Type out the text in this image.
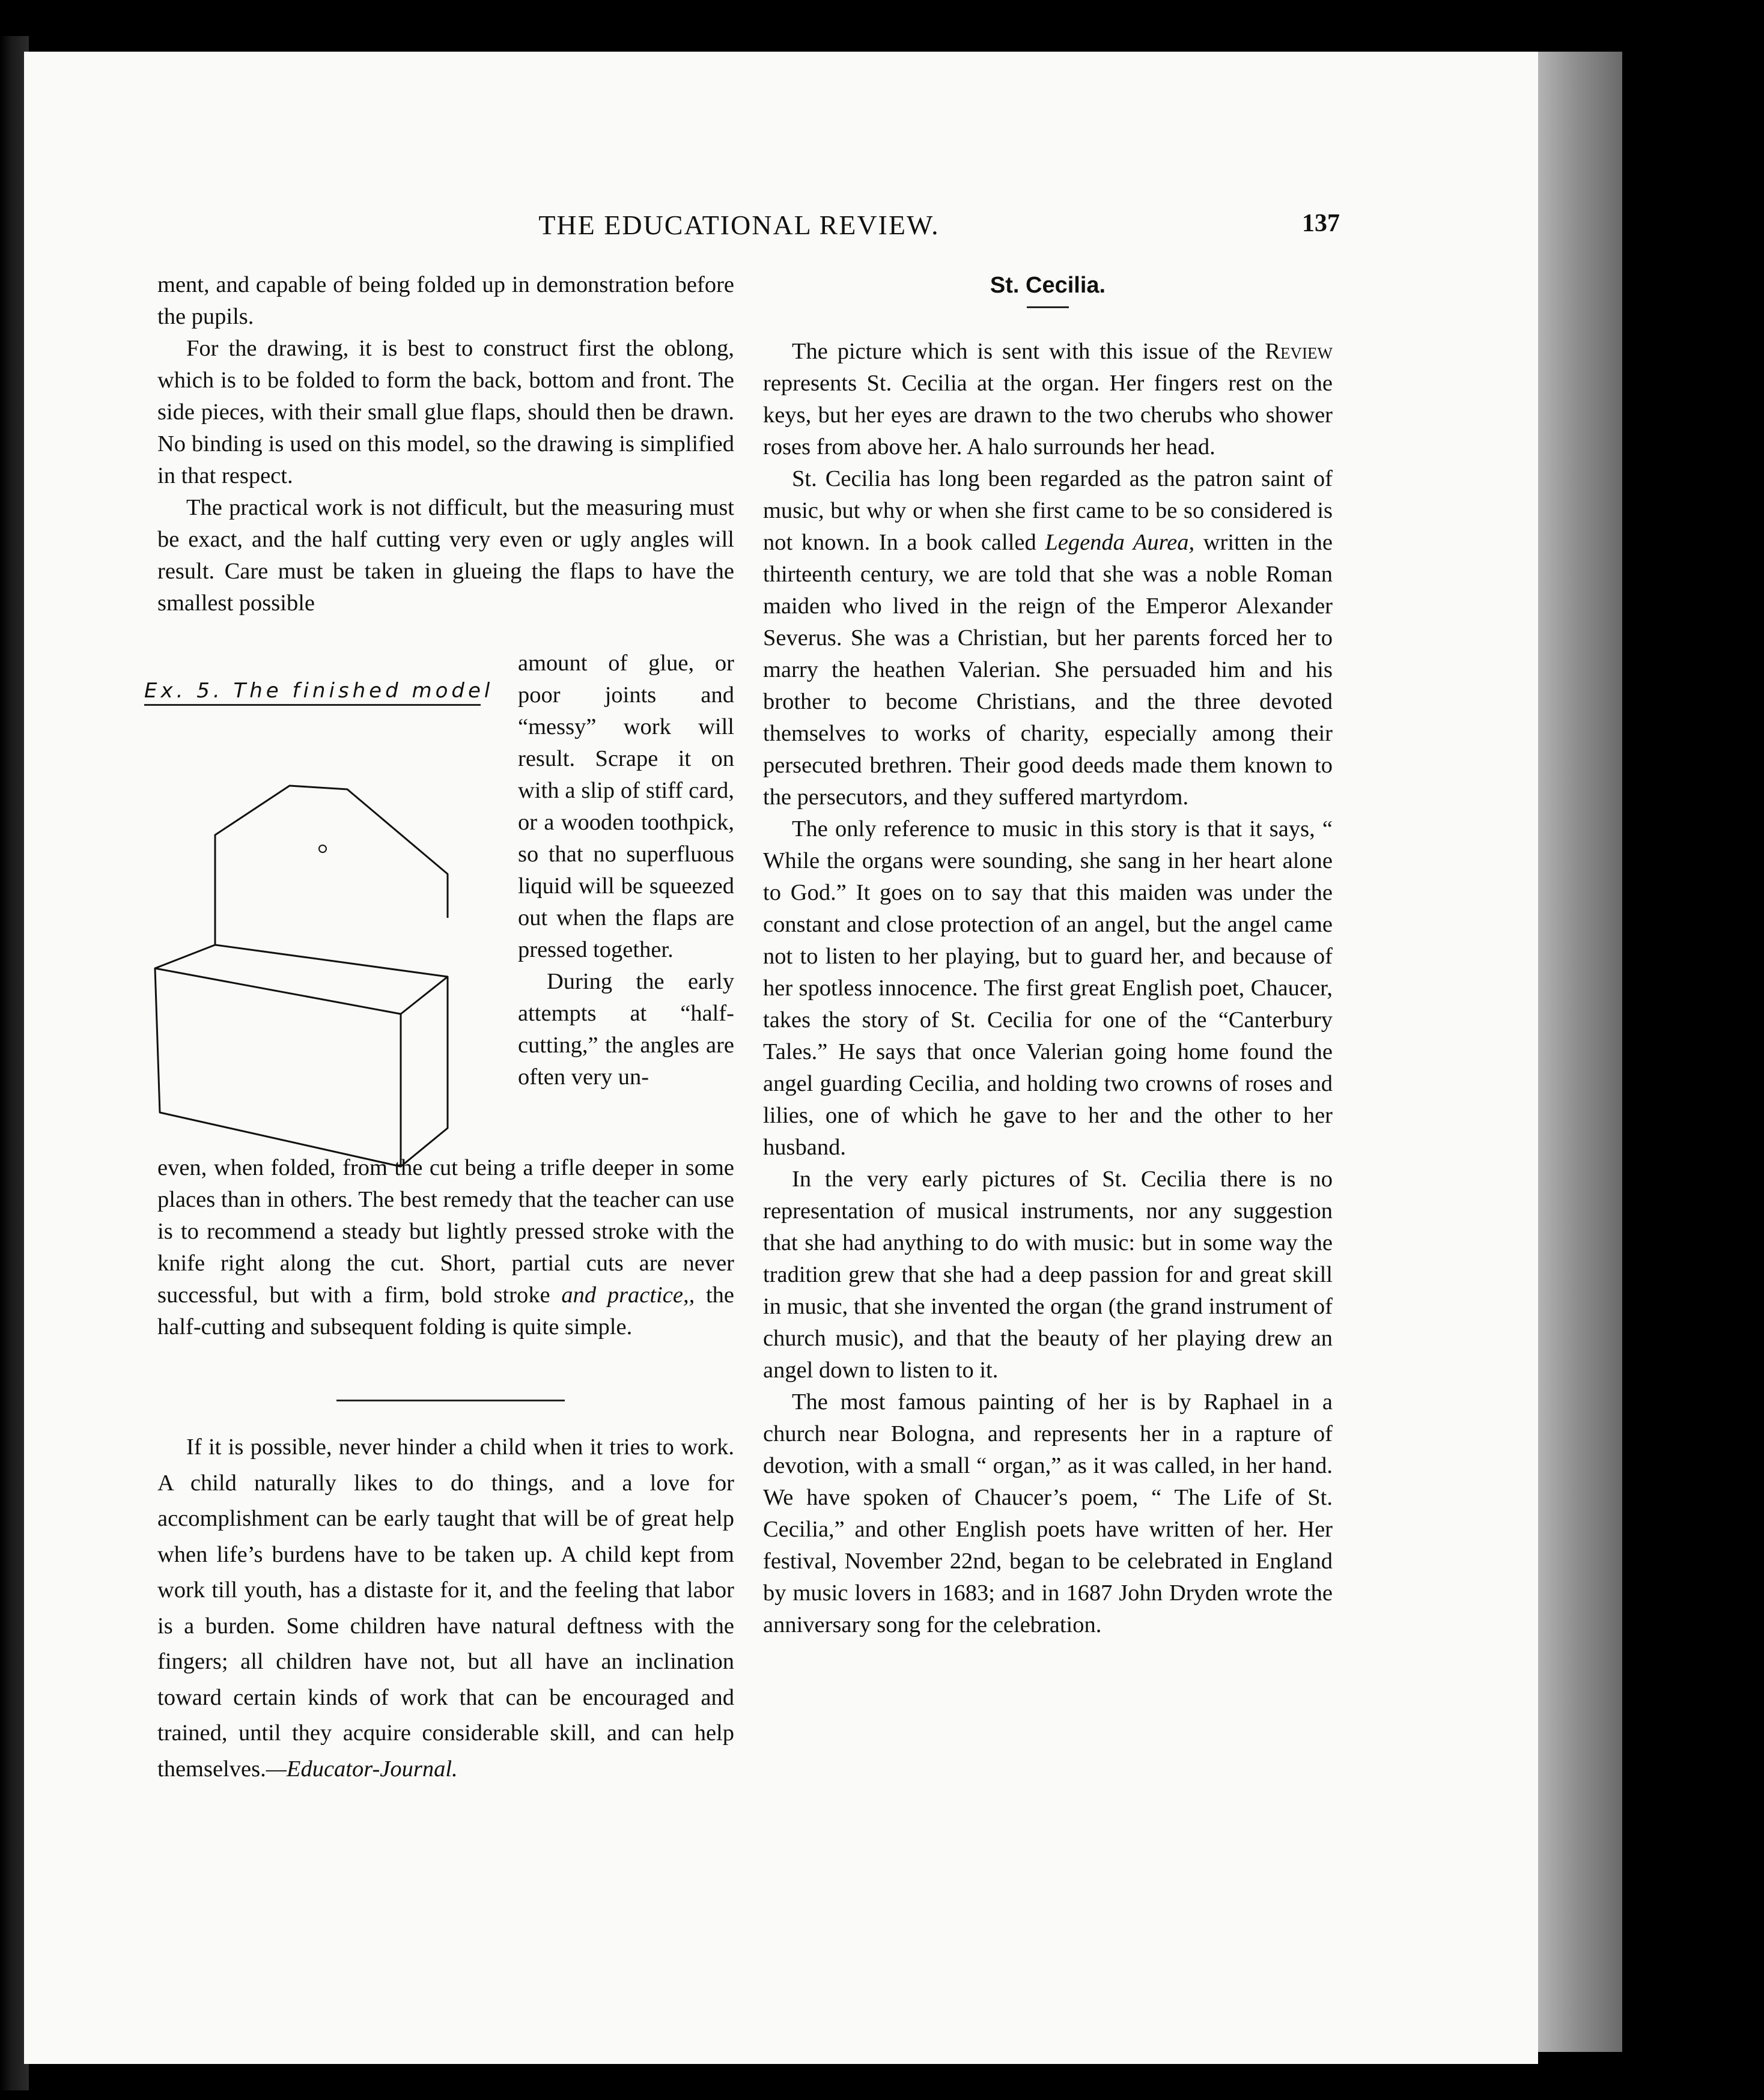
THE EDUCATIONAL REVIEW.	137

ment, and capable of being folded up in demonstration before the pupils.

For the drawing, it is best to construct first the oblong, which is to be folded to form the back, bottom and front. The side pieces, with their small glue flaps, should then be drawn. No binding is used on this model, so the drawing is simplified in that respect.

The practical work is not difficult, but the measuring must be exact, and the half cutting very even or ugly angles will result. Care must be taken in glueing the flaps to have the smallest possible

Ex. 5. The finished model

amount of glue, or poor joints and “messy” work will result. Scrape it on with a slip of stiff card, or a wooden toothpick, so that no superfluous liquid will be squeezed out when the flaps are pressed together.

During the early attempts at “half-cutting,” the angles are often very un-

even, when folded, from the cut being a trifle deeper in some places than in others. The best remedy that the teacher can use is to recommend a steady but lightly pressed stroke with the knife right along the cut. Short, partial cuts are never successful, but with a firm, bold stroke and practice,, the half-cutting and subsequent folding is quite simple.

If it is possible, never hinder a child when it tries to work. A child naturally likes to do things, and a love for accomplishment can be early taught that will be of great help when life’s burdens have to be taken up. A child kept from work till youth, has a distaste for it, and the feeling that labor is a burden. Some children have natural deftness with the fingers; all children have not, but all have an inclination toward certain kinds of work that can be encouraged and trained, until they acquire considerable skill, and can help themselves.—Educator-Journal.

St. Cecilia.

The picture which is sent with this issue of the Review represents St. Cecilia at the organ. Her fingers rest on the keys, but her eyes are drawn to the two cherubs who shower roses from above her. A halo surrounds her head.

St. Cecilia has long been regarded as the patron saint of music, but why or when she first came to be so considered is not known. In a book called Legenda Aurea, written in the thirteenth century, we are told that she was a noble Roman maiden who lived in the reign of the Emperor Alexander Severus. She was a Christian, but her parents forced her to marry the heathen Valerian. She persuaded him and his brother to become Christians, and the three devoted themselves to works of charity, especially among their persecuted brethren. Their good deeds made them known to the persecutors, and they suffered martyrdom.

The only reference to music in this story is that it says, “ While the organs were sounding, she sang in her heart alone to God.” It goes on to say that this maiden was under the constant and close protection of an angel, but the angel came not to listen to her playing, but to guard her, and because of her spotless innocence. The first great English poet, Chaucer, takes the story of St. Cecilia for one of the “Canterbury Tales.” He says that once Valerian going home found the angel guarding Cecilia, and holding two crowns of roses and lilies, one of which he gave to her and the other to her husband.

In the very early pictures of St. Cecilia there is no representation of musical instruments, nor any suggestion that she had anything to do with music: but in some way the tradition grew that she had a deep passion for and great skill in music, that she invented the organ (the grand instrument of church music), and that the beauty of her playing drew an angel down to listen to it.

The most famous painting of her is by Raphael in a church near Bologna, and represents her in a rapture of devotion, with a small “ organ,” as it was called, in her hand. We have spoken of Chaucer’s poem, “ The Life of St. Cecilia,” and other English poets have written of her. Her festival, November 22nd, began to be celebrated in England by music lovers in 1683; and in 1687 John Dryden wrote the anniversary song for the celebration.
